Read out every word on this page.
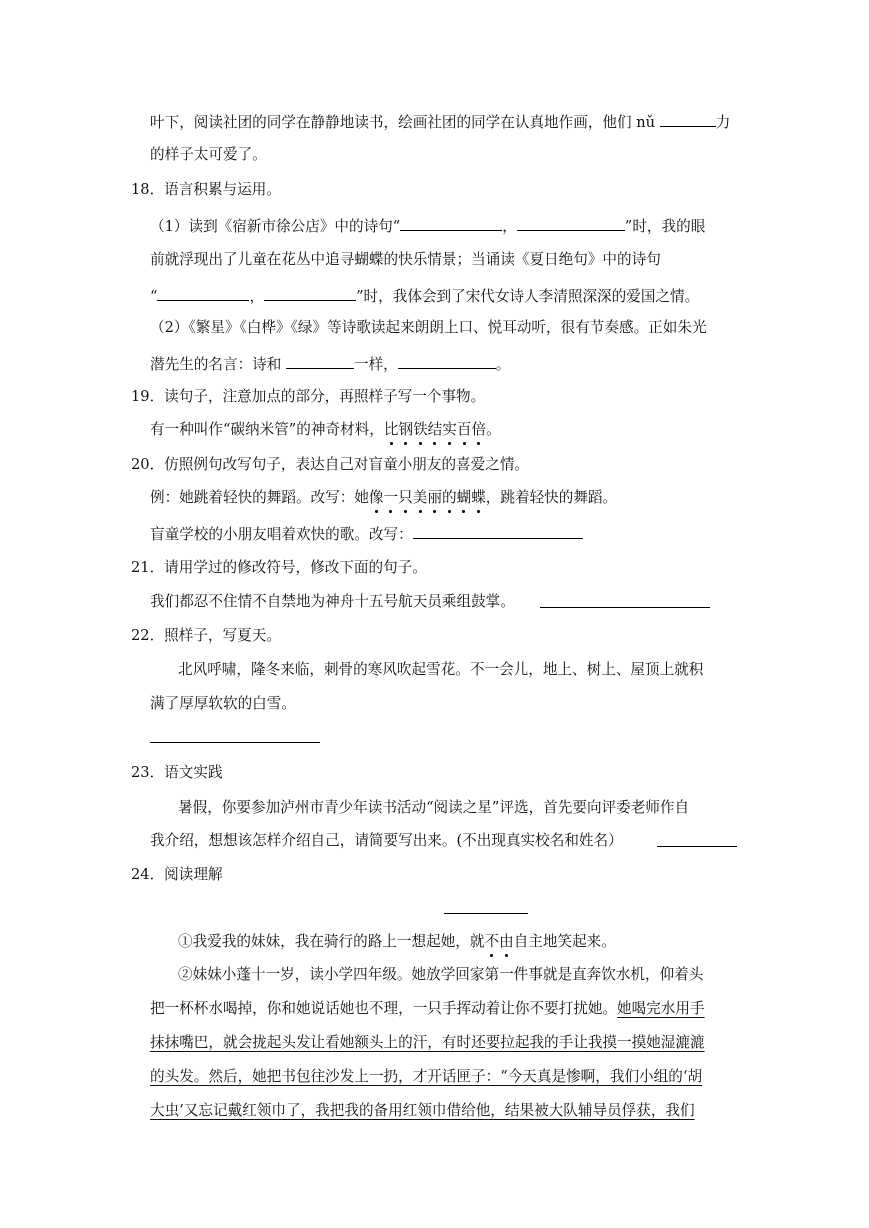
叶下，阅读社团的同学在静静地读书，绘画社团的同学在认真地作画，他们 nǔ	力
的样子太可爱了。
18．语言积累与运用。
（1）读到《宿新市徐公店》中的诗句“	，	”时，我的眼
前就浮现出了儿童在花丛中追寻蝴蝶的快乐情景；当诵读《夏日绝句》中的诗句
“	，	”时，我体会到了宋代女诗人李清照深深的爱国之情。
（2）《繁星》《白桦》《绿》等诗歌读起来朗朗上口、悦耳动听，很有节奏感。正如朱光
潜先生的名言：诗和	一样，	。
19．读句子，注意加点的部分，再照样子写一个事物。
有一种叫作“碳纳米管”的神奇材料，比钢铁结实百倍。
20．仿照例句改写句子，表达自己对盲童小朋友的喜爱之情。
例：她跳着轻快的舞蹈。改写：她像一只美丽的蝴蝶，跳着轻快的舞蹈。
盲童学校的小朋友唱着欢快的歌。改写：
21．请用学过的修改符号，修改下面的句子。
我们都忍不住情不自禁地为神舟十五号航天员乘组鼓掌。
22．照样子，写夏天。
北风呼啸，隆冬来临，刺骨的寒风吹起雪花。不一会儿，地上、树上、屋顶上就积
满了厚厚软软的白雪。
23．语文实践
暑假，你要参加泸州市青少年读书活动“阅读之星”评选，首先要向评委老师作自
我介绍，想想该怎样介绍自己，请简要写出来。(不出现真实校名和姓名）
24．阅读理解
①我爱我的妹妹，我在骑行的路上一想起她，就不由自主地笑起来。
②妹妹小蓬十一岁，读小学四年级。她放学回家第一件事就是直奔饮水机，仰着头
把一杯杯水喝掉，你和她说话她也不理，一只手挥动着让你不要打扰她。她喝完水用手
抹抹嘴巴，就会拢起头发让看她额头上的汗，有时还要拉起我的手让我摸一摸她湿漉漉
的头发。然后，她把书包往沙发上一扔，才开话匣子：“今天真是惨啊，我们小组的‘胡
大虫’又忘记戴红领巾了，我把我的备用红领巾借给他，结果被大队辅导员俘获，我们
